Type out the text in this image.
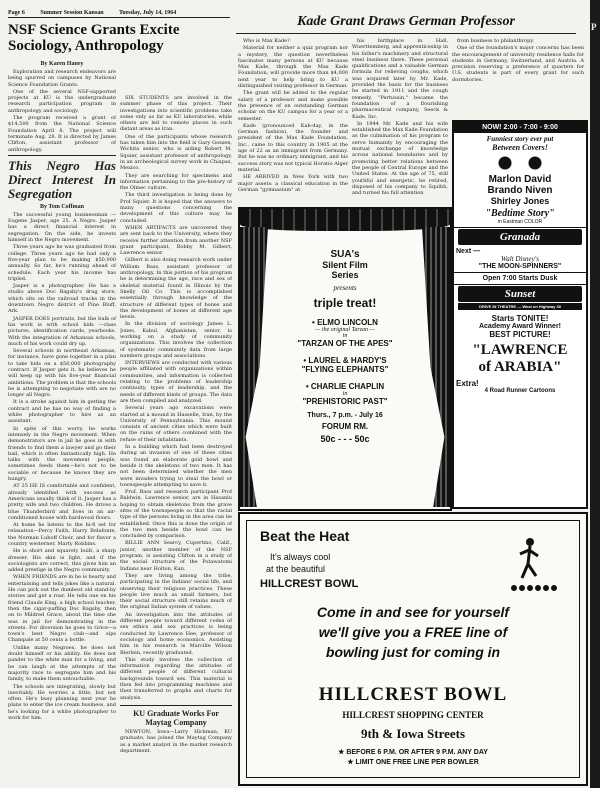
P
Page 6	Summer Session Kansan	Tuesday, July 14, 1964
NSF Science Grants Excite Sociology, Anthropology
By Karen Haney

Exploration and research endeavors are being spurred on campuses by National Science Foundation Grants.

One of the several NSF-supported projects at KU is the undergraduate research participation program in anthropology and sociology.

The program received a grant of $14,500 from the National Science Foundation April 8. The project will terminate Aug. 28. It is directed by James Clifton, assistant professor of anthropology.

This Negro Has Direct Interest In Segregation
By Tom Coffman

The successful young businessman —Eugene Jasper, age 25. A Negro. Jasper has a direct financial interest in segregation. On the side, he invests himself in the Negro movement.

Three years ago he was graduated from college. Three years ago he had only a five-year plan to be making $50,000 annually. So far, he's running ahead of schedule. Each year his income has tripled.

Jasper is a photographer. He has a studio above Doc Bagsby's drug store, which sits on the railroad tracks in the downtown Negro district of Pine Bluff, Ark.

JASPER DOES portraits, but the bulk of his work is with school kids —class pictures, identification cards, yearbooks. With the integration of Arkansas schools, much of his work could dry up.

Several schools in northeast Arkansas, for instance, have gone together in a plan to take bids on a $50,000 photography contract. If Jasper gets it, he believes he will keep up with his five-year financial ambitions. The problem is that the schools he is attempting to negotiate with are no longer all Negro.

It is a stroke against him in getting the contract and he has no way of finding a white photographer to hire as an assistant.

In spite of this worry, he works intensely in the Negro movement. When demonstrators are in jail he goes in with friends to find them a lawyer and go their bail, which is often fantastically high. He talks with the movement people, sometimes feeds them—he's not to be sociable or because he knows they are hungry.

AT 25 HE IS comfortable and confident, already identified with success as Americans usually think of it. Jasper has a pretty wife and two children. He drives a blue Thunderbird and lives in an air-conditioned house with hardwood floors.

At home he listens to the hi-fi set for relaxation—Percy Faith, Harry Belafonte, the Norman Luboff Choir, and for flavor a country westerner, Marty Robbins.

He is short and squarely built, a sharp dresser. His skin is light, and if the sociologists are correct, this gives him an added prestige in the Negro community.

WHEN FRIENDS are in he is hearty and entertaining and tells jokes like a natural. He can pick out the dumbest old stand-by stories and get a roar. He tells one on his friend Claude King, a high school teacher, then the cigar-puffing Doc Bagsby, then on to Mildred Grace, about the time she was in jail for demonstrating in the streets. For diversion he goes to Grice—a town's best Negro club—and sips Champale at 50 cents a bottle.

Unlike many Negroes, he does not doubt himself or his ability. He does not pander to the white man for a living, and he can laugh at the attempts of the majority race to segregate him and his family, to make them untouchable.

The schools are integrating, slowly but inevitably. He worries a little, but not often. He's busy planning next year he plans to enter the ice cream business, and he's looking for a white photographer to work for him.

SIX STUDENTS are involved in the summer phase of this project. Their investigations into scientific problems take some only as far as KU laboratories, while others are led to remote places in such distant areas as Iran.

One of the participants whose research has taken him into the field is Gary Gossen, Wichita senior, who is aiding Robert M. Squier, assistant professor of anthropology, in an archeological survey work in Chiapas, Mexico.

They are searching for specimens and information pertaining to the pre-history of the Olmec culture.

The third investigation is being done by Prof Squier. It is hoped that the answers to many questions concerning the development of this culture may be concluded.

WHEN ARTIFACTS are uncovered they are sent back to the University, where they receive further attention from another NSF grant participant, Bobby M. Gilbert, Lawrence senior.

Gilbert is also doing research work under William Bass, assistant professor of anthropology. In this portion of his program he is determining the age, race and sex of skeletal material found in Illinois by the Skelly Oil Co. This is accomplished essentially through knowledge of the structure of different types of bones and the development of bones at different age levels.

In the division of sociology James L. Jones, Kabul, Afghanistan, senior, is working on a study of community organizations. This involves the collection of systematic community data from large numbers groups and associations.

INTERVIEWS are conducted with various people affiliated with organizations within communities, and information is collected relating to the problems of leadership continuity, types of leadership, and the needs of different kinds of groups. The data are then compiled and analyzed.

Several years ago excavations were started at a mound in Hasselle, Iran, by the University of Pennsylvania. This mound consists of ancient cities which were built on the ruins of others combined with the refuse of their inhabitants.

In a building which had been destroyed during an invasion of one of these cities was found an elaborate gold bowl and beside it the skeletons of two men. It has not been determined whether the men were invaders trying to steal the bowl or townspeople attempting to save it.

Prof. Bass and research participant Prof Baldwin, Lawrence senior, are in Hasanlu hoping to obtain skeletons from the grave sites of the townspeople so that the racial type of the persons living in the area can be established. Once this is done the origin of the two men beside the bowl can be concluded by comparison.

BILLIE ANN Searcy, Cupertino, Calif., junior, another member of the NSF program, is assisting Clifton in a study of the social structure of the Potawatomi Indians near Holton, Kan.

They are living among the tribe, participating in the Indians' social life, and observing their religious practices. These people live much as small farmers, but their social structure still retains much of the original Indian system of values.

An investigation into the attitudes of different people toward different codes of sex ethics and sex practices is being conducted by Lawrence Hee, professor of sociology and home economics. Assisting him in his research is Marcille Wilson Bierlein, recently graduated.

This study involves the collection of information regarding the attitudes of different people of different cultural backgrounds toward sex. This material is then fed into programming machines and then transferred to graphs and charts for analysis.

KU Graduate Works For Maytag Company

NEWTON, Iowa—Larry Hickman, KU graduate, has joined the Maytag Company as a market analyst in the market research department.

Kade Grant Draws German Professor

Who is Max Kade?

Material for neither a quiz program nor a mystery, the question nevertheless fascinates many persons at KU because Max Kade, through the Max Kade Foundation, will provide more than $4,000 next year to help bring to KU a distinguished visiting professor in German.

The grant will be added to the regular salary of a professor and make possible the presence of an outstanding German scholar on the KU campus for a year or a semester.

Kade (pronounced Kah-day, in the German fashion), the founder and president of the Max Kade Foundation, Inc., came to this country in 1905 at the age of 22 as an immigrant from Germany. But he was no ordinary immigrant, and his success story was not typical Horatio Alger material.

HE ARRIVED in New York with two major assets: a classical education in the German "gymnasium" at

his birthplace in Hall, Wuerttemberg, and apprenticeship in his father's machinery and structural steel business there. These personal qualifications and a valuable German formula for relieving coughs, which was acquired later by Mr. Kade, provided the basis for the business he started in 1911 and the cough remedy, "Pertussin," became the foundation of a flourishing pharmaceutical company, Seeck & Kade, Inc.

In 1944 Mr. Kade and his wife established the Max Kade Foundation as the culmination of his program to serve humanity by encouraging the mutual exchange of knowledge across national boundaries and by promoting better relations between the people of Central Europe and the United States. At the age of 75, still youthful and energetic, he retired, disposed of his company to Squibb, and turned his full attention

from business to philanthropy.

One of the foundation's major concerns has been the encouragement of university residence halls for students in Germany, Switzerland, and Austria. A precision reserving a preference of quarters for U.S. students is part of every grant for such dormitories.

SUA's
Silent Film Series
presents
triple treat!
• ELMO LINCOLN
— the original Tarzan —
in
"TARZAN OF THE APES"
• LAUREL & HARDY'S
"FLYING ELEPHANTS"
• CHARLIE CHAPLIN
in
"PREHISTORIC PAST"
Thurs., 7 p.m. - July 16
FORUM RM.
50c - - - 50c
NOW! 2:00 - 7:00 - 9:00
Funniest story ever put
Between Covers!
Marlon David
Brando Niven
Shirley Jones
"Bedtime Story"
in Eastman COLOR
Granada
Next —
Walt Disney's
"THE MOON-SPINNERS"
Open 7:00 Starts Dusk
Sunset
DRIVE IN THEATRE — West on Highway 40
Starts TONITE!
Academy Award Winner!
BEST PICTURE!
"LAWRENCE
of ARABIA"
Extra!
4 Road Runner Cartoons
Beat the Heat
It's always cool
at the beautiful
HILLCREST BOWL
Come in and see for yourself
we'll give you a FREE line of
bowling just for coming in
HILLCREST BOWL
HILLCREST SHOPPING CENTER
9th & Iowa Streets
★ BEFORE 6 P.M. OR AFTER 9 P.M. ANY DAY
★ LIMIT ONE FREE LINE PER BOWLER
